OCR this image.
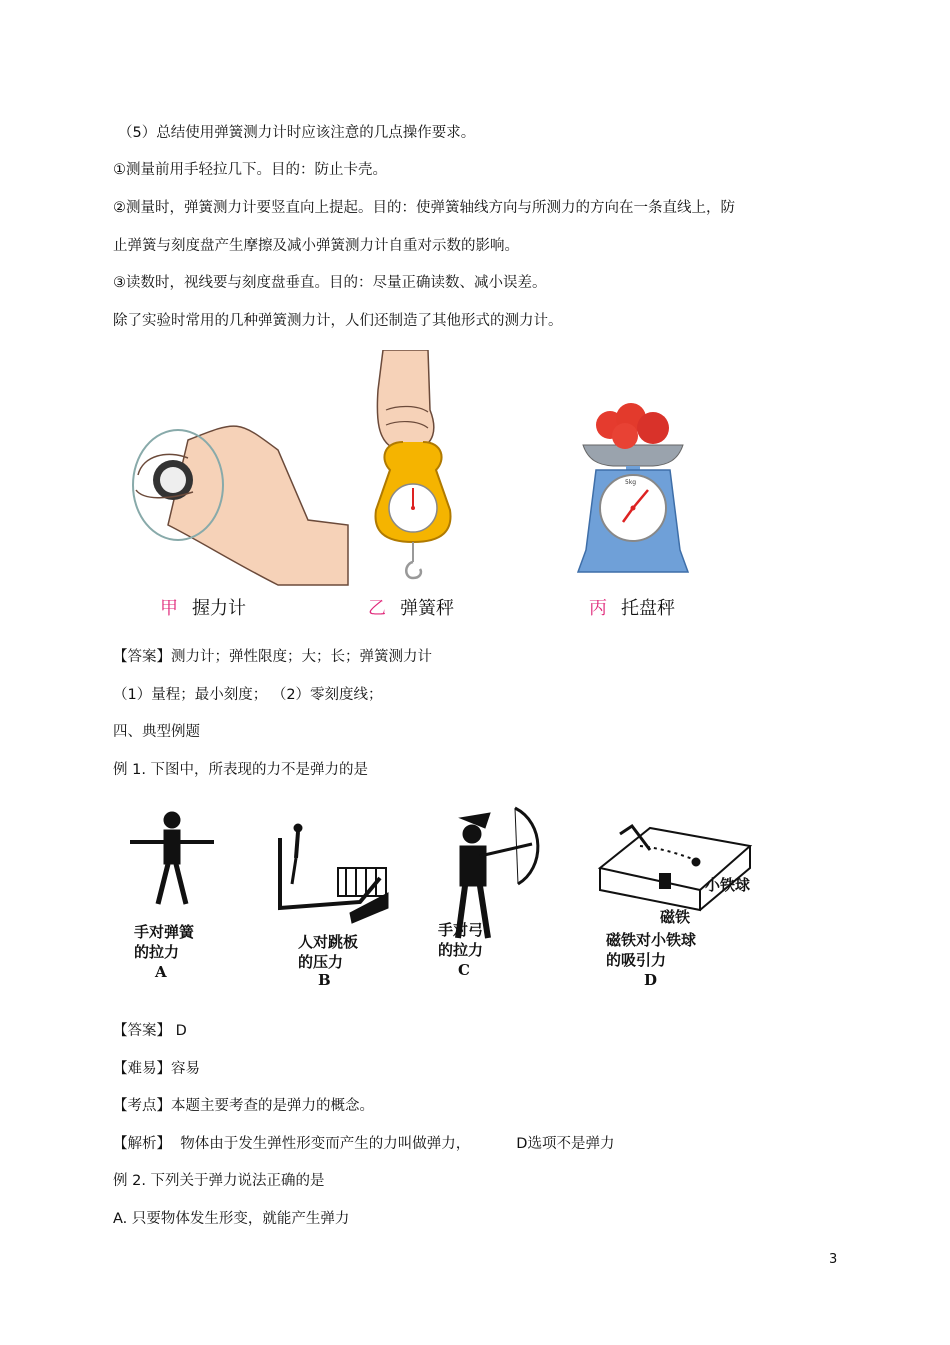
（5）总结使用弹簧测力计时应该注意的几点操作要求。
①测量前用手轻拉几下。目的：防止卡壳。
②测量时，弹簧测力计要竖直向上提起。目的：使弹簧轴线方向与所测力的方向在一条直线上，防
止弹簧与刻度盘产生摩擦及减小弹簧测力计自重对示数的影响。
③读数时，视线要与刻度盘垂直。目的：尽量正确读数、减小误差。
除了实验时常用的几种弹簧测力计，人们还制造了其他形式的测力计。
5kg
甲 握力计	乙 弹簧秤	丙 托盘秤
【答案】测力计；弹性限度；大；长；弹簧测力计
（1）量程；最小刻度； （2）零刻度线；
四、典型例题
例 1. 下图中，所表现的力不是弹力的是
手对弹簧
的拉力
A
人对跳板
的压力
B
手对弓
的拉力
C
小铁球
磁铁
磁铁对小铁球
的吸引力
D
【答案】 D
【难易】容易
【考点】本题主要考查的是弹力的概念。
【解析】  物体由于发生弹性形变而产生的力叫做弹力，          D选项不是弹力
例 2. 下列关于弹力说法正确的是
A. 只要物体发生形变，就能产生弹力
3
